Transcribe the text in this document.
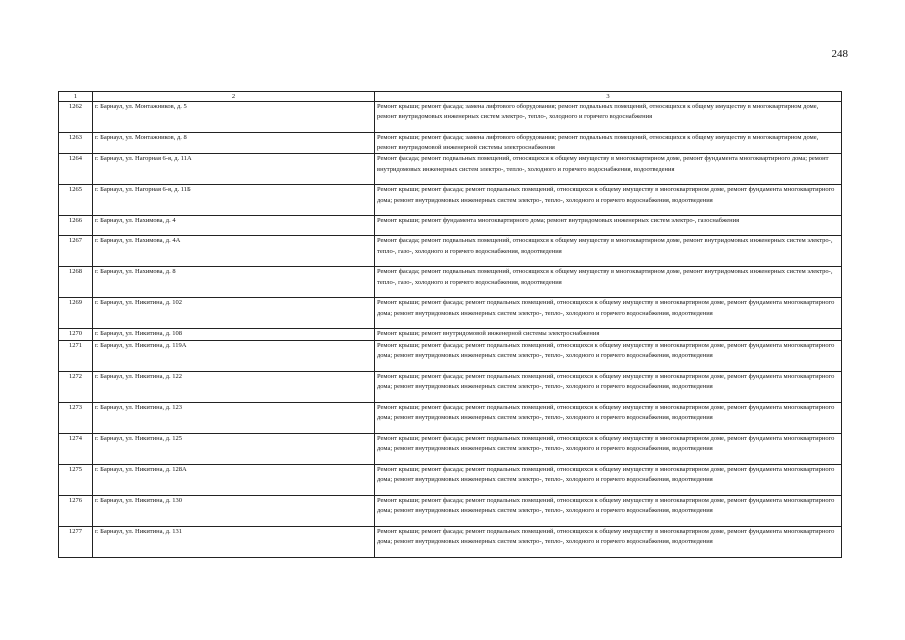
248
1	2	3
1262	г. Барнаул, ул. Монтажников, д. 5	Ремонт крыши; ремонт фасада; замена лифтового оборудования; ремонт подвальных помещений, относящихся к общему имуществу в многоквартирном доме, ремонт внутридомовых инженерных систем электро-, тепло-, холодного и горячего водоснабжения
1263	г. Барнаул, ул. Монтажников, д. 8	Ремонт крыши; ремонт фасада; замена лифтового оборудования; ремонт подвальных помещений, относящихся к общему имуществу в многоквартирном доме, ремонт внутридомовой инженерной системы электроснабжения
1264	г. Барнаул, ул. Нагорная 6-я, д. 11А	Ремонт фасада; ремонт подвальных помещений, относящихся к общему имуществу в многоквартирном доме, ремонт фундамента многоквартирного дома; ремонт внутридомовых инженерных систем электро-, тепло-, холодного и горячего водоснабжения, водоотведения
1265	г. Барнаул, ул. Нагорная 6-я, д. 11Б	Ремонт крыши; ремонт фасада; ремонт подвальных помещений, относящихся к общему имуществу в многоквартирном доме, ремонт фундамента многоквартирного дома; ремонт внутридомовых инженерных систем электро-, тепло-, холодного и горячего водоснабжения, водоотведения
1266	г. Барнаул, ул. Нахимова, д. 4	Ремонт крыши; ремонт фундамента многоквартирного дома; ремонт внутридомовых инженерных систем электро-, газоснабжения
1267	г. Барнаул, ул. Нахимова, д. 4А	Ремонт фасада; ремонт подвальных помещений, относящихся к общему имуществу в многоквартирном доме, ремонт внутридомовых инженерных систем электро-, тепло-, газо-, холодного и горячего водоснабжения, водоотведения
1268	г. Барнаул, ул. Нахимова, д. 8	Ремонт фасада; ремонт подвальных помещений, относящихся к общему имуществу в многоквартирном доме, ремонт внутридомовых инженерных систем электро-, тепло-, газо-, холодного и горячего водоснабжения, водоотведения
1269	г. Барнаул, ул. Никитина, д. 102	Ремонт крыши; ремонт фасада; ремонт подвальных помещений, относящихся к общему имуществу в многоквартирном доме, ремонт фундамента многоквартирного дома; ремонт внутридомовых инженерных систем электро-, тепло-, холодного и горячего водоснабжения, водоотведения
1270	г. Барнаул, ул. Никитина, д. 108	Ремонт крыши; ремонт внутридомовой инженерной системы электроснабжения
1271	г. Барнаул, ул. Никитина, д. 119А	Ремонт крыши; ремонт фасада; ремонт подвальных помещений, относящихся к общему имуществу в многоквартирном доме, ремонт фундамента многоквартирного дома; ремонт внутридомовых инженерных систем электро-, тепло-, холодного и горячего водоснабжения, водоотведения
1272	г. Барнаул, ул. Никитина, д. 122	Ремонт крыши; ремонт фасада; ремонт подвальных помещений, относящихся к общему имуществу в многоквартирном доме, ремонт фундамента многоквартирного дома; ремонт внутридомовых инженерных систем электро-, тепло-, холодного и горячего водоснабжения, водоотведения
1273	г. Барнаул, ул. Никитина, д. 123	Ремонт крыши; ремонт фасада; ремонт подвальных помещений, относящихся к общему имуществу в многоквартирном доме, ремонт фундамента многоквартирного дома; ремонт внутридомовых инженерных систем электро-, тепло-, холодного и горячего водоснабжения, водоотведения
1274	г. Барнаул, ул. Никитина, д. 125	Ремонт крыши; ремонт фасада; ремонт подвальных помещений, относящихся к общему имуществу в многоквартирном доме, ремонт фундамента многоквартирного дома; ремонт внутридомовых инженерных систем электро-, тепло-, холодного и горячего водоснабжения, водоотведения
1275	г. Барнаул, ул. Никитина, д. 128А	Ремонт крыши; ремонт фасада; ремонт подвальных помещений, относящихся к общему имуществу в многоквартирном доме, ремонт фундамента многоквартирного дома; ремонт внутридомовых инженерных систем электро-, тепло-, холодного и горячего водоснабжения, водоотведения
1276	г. Барнаул, ул. Никитина, д. 130	Ремонт крыши; ремонт фасада; ремонт подвальных помещений, относящихся к общему имуществу в многоквартирном доме, ремонт фундамента многоквартирного дома; ремонт внутридомовых инженерных систем электро-, тепло-, холодного и горячего водоснабжения, водоотведения
1277	г. Барнаул, ул. Никитина, д. 131	Ремонт крыши; ремонт фасада; ремонт подвальных помещений, относящихся к общему имуществу в многоквартирном доме, ремонт фундамента многоквартирного дома; ремонт внутридомовых инженерных систем электро-, тепло-, холодного и горячего водоснабжения, водоотведения
